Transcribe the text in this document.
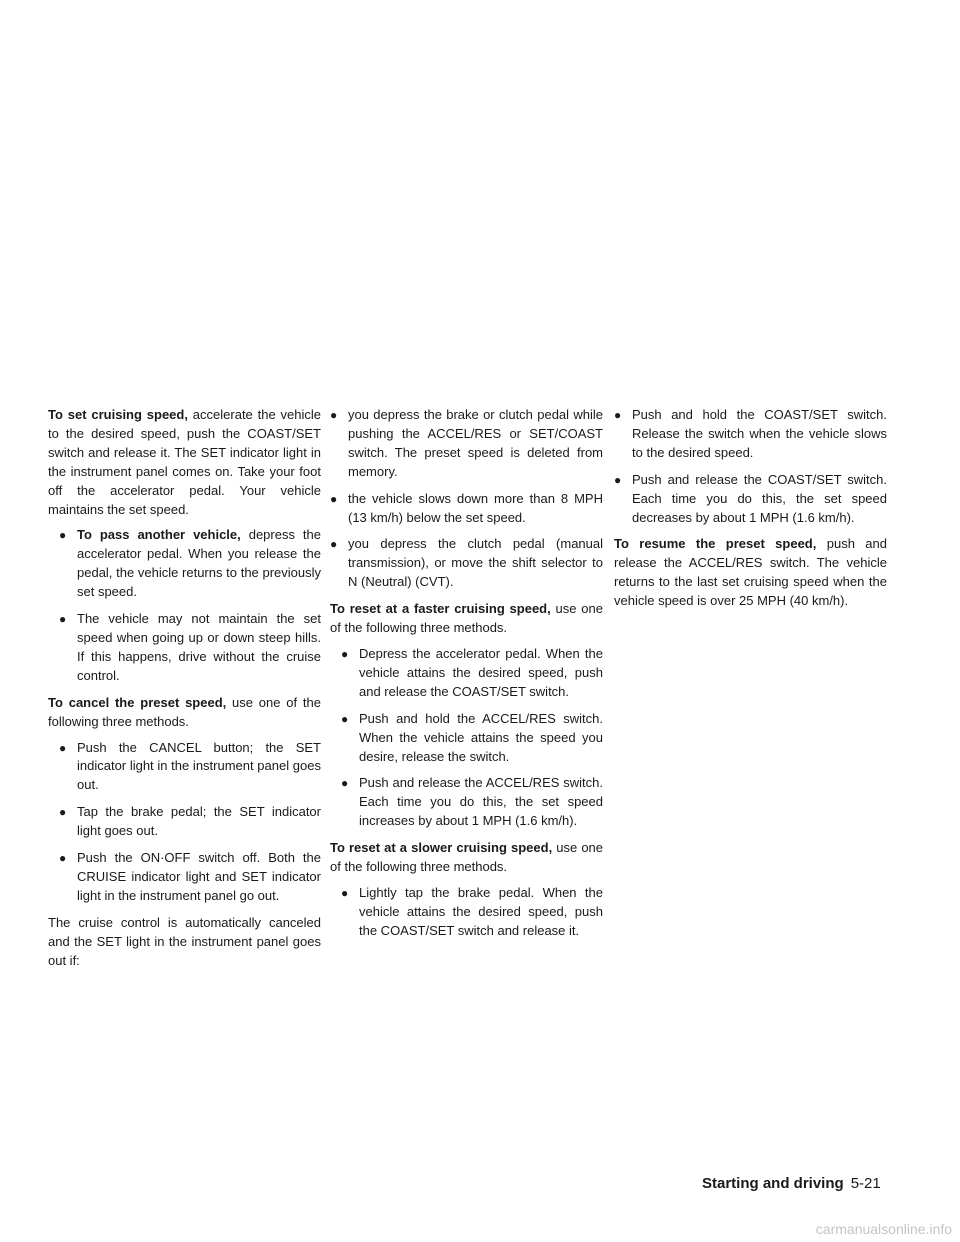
To set cruising speed, accelerate the vehicle to the desired speed, push the COAST/SET switch and release it. The SET indicator light in the instrument panel comes on. Take your foot off the accelerator pedal. Your vehicle maintains the set speed.

● To pass another vehicle, depress the accelerator pedal. When you release the pedal, the vehicle returns to the previously set speed.
● The vehicle may not maintain the set speed when going up or down steep hills. If this happens, drive without the cruise control.

To cancel the preset speed, use one of the following three methods.

● Push the CANCEL button; the SET indicator light in the instrument panel goes out.
● Tap the brake pedal; the SET indicator light goes out.
● Push the ON·OFF switch off. Both the CRUISE indicator light and SET indicator light in the instrument panel go out.

The cruise control is automatically canceled and the SET light in the instrument panel goes out if:

● you depress the brake or clutch pedal while pushing the ACCEL/RES or SET/COAST switch. The preset speed is deleted from memory.
● the vehicle slows down more than 8 MPH (13 km/h) below the set speed.
● you depress the clutch pedal (manual transmission), or move the shift selector to N (Neutral) (CVT).

To reset at a faster cruising speed, use one of the following three methods.

● Depress the accelerator pedal. When the vehicle attains the desired speed, push and release the COAST/SET switch.
● Push and hold the ACCEL/RES switch. When the vehicle attains the speed you desire, release the switch.
● Push and release the ACCEL/RES switch. Each time you do this, the set speed increases by about 1 MPH (1.6 km/h).

To reset at a slower cruising speed, use one of the following three methods.

● Lightly tap the brake pedal. When the vehicle attains the desired speed, push the COAST/SET switch and release it.
● Push and hold the COAST/SET switch. Release the switch when the vehicle slows to the desired speed.
● Push and release the COAST/SET switch. Each time you do this, the set speed decreases by about 1 MPH (1.6 km/h).

To resume the preset speed, push and release the ACCEL/RES switch. The vehicle returns to the last set cruising speed when the vehicle speed is over 25 MPH (40 km/h).

Starting and driving 5-21
carmanualsonline.info
